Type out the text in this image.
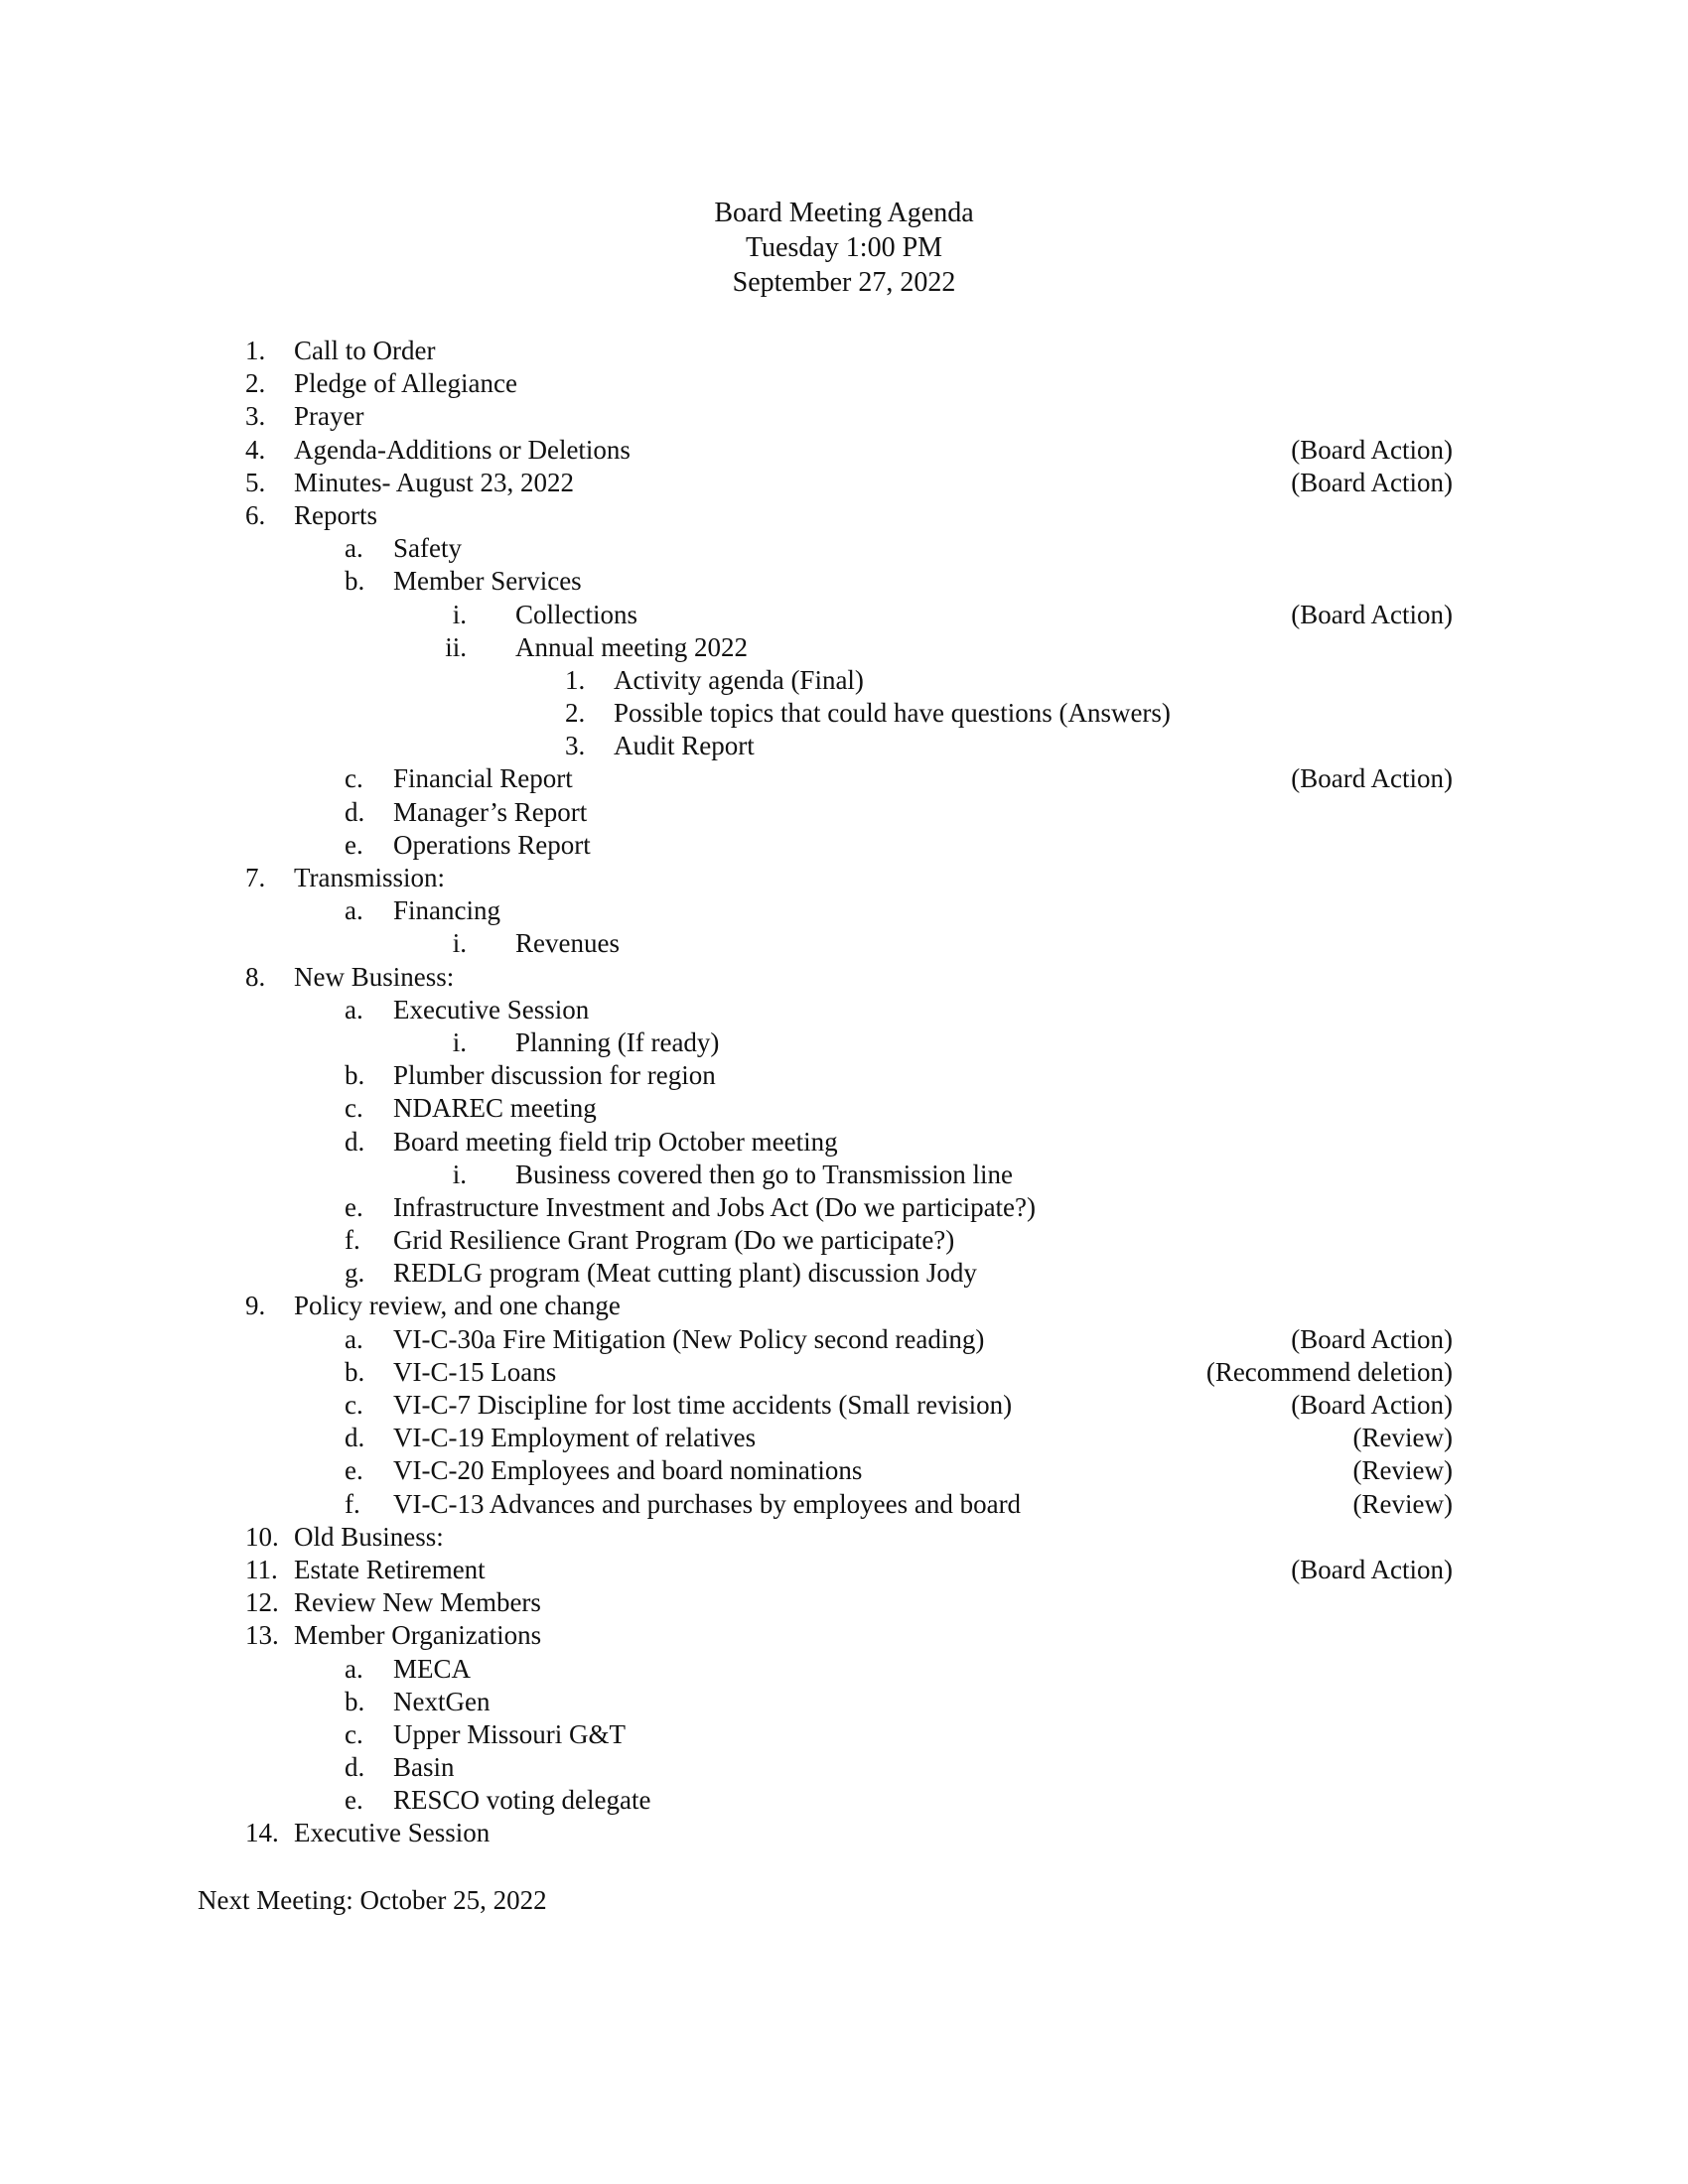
Board Meeting Agenda
Tuesday 1:00 PM
September 27, 2022
1. Call to Order
2. Pledge of Allegiance
3. Prayer
4. Agenda-Additions or Deletions	(Board Action)
5. Minutes- August 23, 2022	(Board Action)
6. Reports
a. Safety
b. Member Services
i. Collections	(Board Action)
ii. Annual meeting 2022
1. Activity agenda (Final)
2. Possible topics that could have questions (Answers)
3. Audit Report
c. Financial Report	(Board Action)
d. Manager’s Report
e. Operations Report
7. Transmission:
a. Financing
i. Revenues
8. New Business:
a. Executive Session
i. Planning (If ready)
b. Plumber discussion for region
c. NDAREC meeting
d. Board meeting field trip October meeting
i. Business covered then go to Transmission line
e. Infrastructure Investment and Jobs Act (Do we participate?)
f. Grid Resilience Grant Program (Do we participate?)
g. REDLG program (Meat cutting plant) discussion Jody
9. Policy review, and one change
a. VI-C-30a Fire Mitigation (New Policy second reading)	(Board Action)
b. VI-C-15 Loans	(Recommend deletion)
c. VI-C-7 Discipline for lost time accidents (Small revision)	(Board Action)
d. VI-C-19 Employment of relatives	(Review)
e. VI-C-20 Employees and board nominations	(Review)
f. VI-C-13 Advances and purchases by employees and board	(Review)
10. Old Business:
11. Estate Retirement	(Board Action)
12. Review New Members
13. Member Organizations
a. MECA
b. NextGen
c. Upper Missouri G&T
d. Basin
e. RESCO voting delegate
14. Executive Session
Next Meeting: October 25, 2022
